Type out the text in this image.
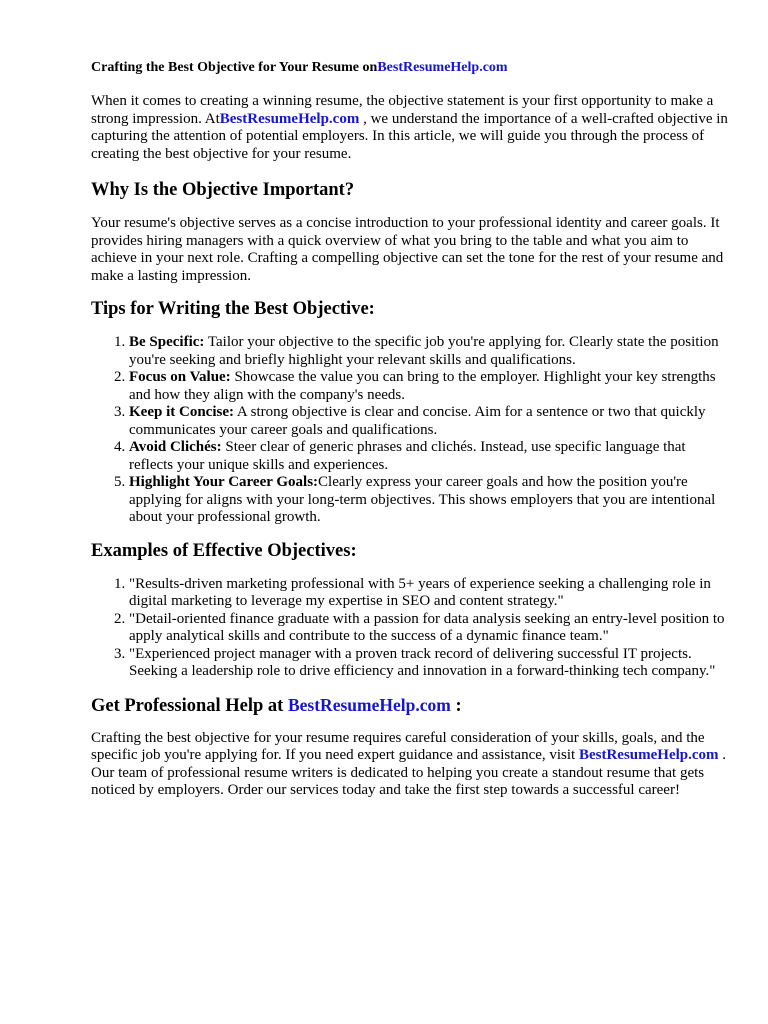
Crafting the Best Objective for Your Resume onBestResumeHelp.com

When it comes to creating a winning resume, the objective statement is your first opportunity to make a strong impression. AtBestResumeHelp.com , we understand the importance of a well-crafted objective in capturing the attention of potential employers. In this article, we will guide you through the process of creating the best objective for your resume.

Why Is the Objective Important?

Your resume's objective serves as a concise introduction to your professional identity and career goals. It provides hiring managers with a quick overview of what you bring to the table and what you aim to achieve in your next role. Crafting a compelling objective can set the tone for the rest of your resume and make a lasting impression.

Tips for Writing the Best Objective:
1. Be Specific: Tailor your objective to the specific job you're applying for. Clearly state the position you're seeking and briefly highlight your relevant skills and qualifications.
2. Focus on Value: Showcase the value you can bring to the employer. Highlight your key strengths and how they align with the company's needs.
3. Keep it Concise: A strong objective is clear and concise. Aim for a sentence or two that quickly communicates your career goals and qualifications.
4. Avoid Clichés: Steer clear of generic phrases and clichés. Instead, use specific language that reflects your unique skills and experiences.
5. Highlight Your Career Goals:Clearly express your career goals and how the position you're applying for aligns with your long-term objectives. This shows employers that you are intentional about your professional growth.
Examples of Effective Objectives:
1. "Results-driven marketing professional with 5+ years of experience seeking a challenging role in digital marketing to leverage my expertise in SEO and content strategy."
2. "Detail-oriented finance graduate with a passion for data analysis seeking an entry-level position to apply analytical skills and contribute to the success of a dynamic finance team."
3. "Experienced project manager with a proven track record of delivering successful IT projects. Seeking a leadership role to drive efficiency and innovation in a forward-thinking tech company."
Get Professional Help at BestResumeHelp.com :

Crafting the best objective for your resume requires careful consideration of your skills, goals, and the specific job you're applying for. If you need expert guidance and assistance, visit BestResumeHelp.com . Our team of professional resume writers is dedicated to helping you create a standout resume that gets noticed by employers. Order our services today and take the first step towards a successful career!
